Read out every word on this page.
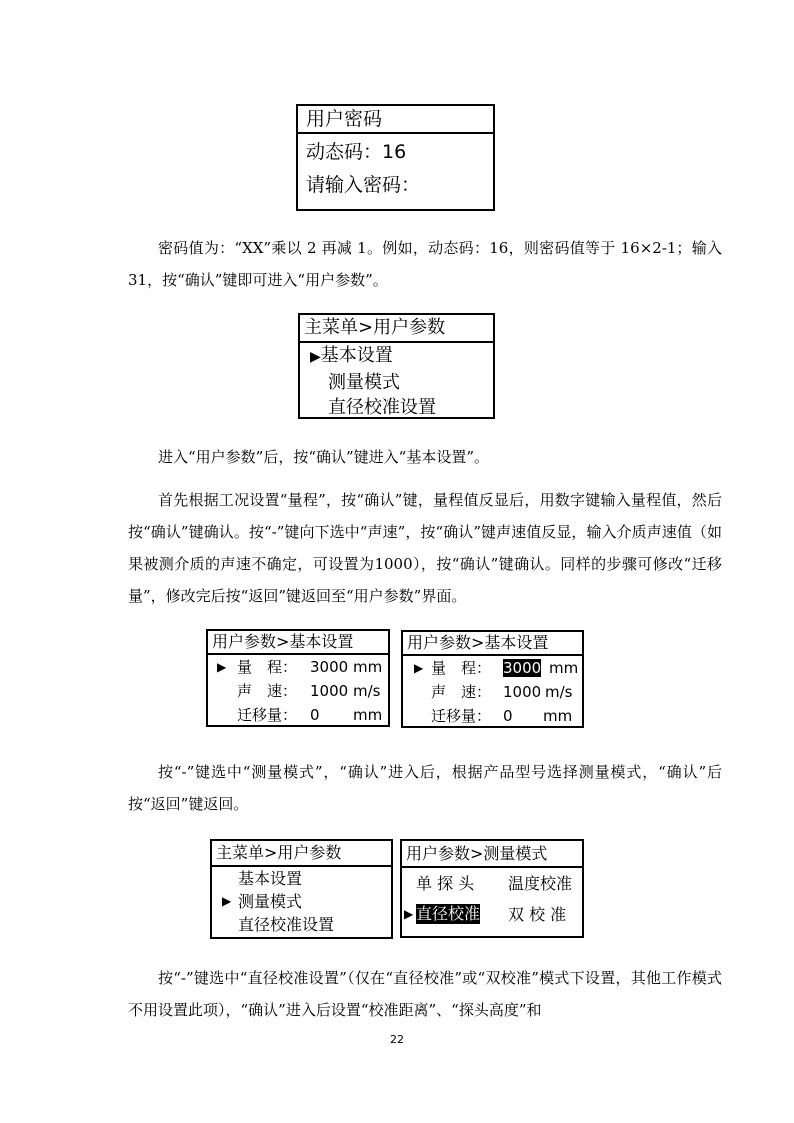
用户密码
动态码：16
请输入密码：
密码值为：“XX”乘以 2 再减 1。例如，动态码：16，则密码值等于 16×2-1；输入 31，按“确认”键即可进入“用户参数”。
主菜单>用户参数
▶基本设置
测量模式
直径校准设置
进入“用户参数”后，按“确认”键进入“基本设置”。
首先根据工况设置“量程”，按“确认”键，量程值反显后，用数字键输入量程值，然后按“确认”键确认。按“-”键向下选中“声速”，按“确认”键声速值反显，输入介质声速值（如果被测介质的声速不确定，可设置为1000），按“确认”键确认。同样的步骤可修改“迁移量”，修改完后按“返回”键返回至“用户参数”界面。
用户参数>基本设置
▶ 量　程： 3000 mm
声　速： 1000 m/s
迁移量： 0 mm
用户参数>基本设置
▶ 量　程： 3000 mm
声　速： 1000 m/s
迁移量： 0 mm
按“-”键选中“测量模式”，“确认”进入后，根据产品型号选择测量模式，“确认”后按“返回”键返回。
主菜单>用户参数
基本设置
▶ 测量模式
直径校准设置
用户参数>测量模式
单 探 头 温度校准
▶ 直径校准 双 校 准
按“-”键选中“直径校准设置”（仅在“直径校准”或“双校准”模式下设置，其他工作模式不用设置此项），“确认”进入后设置“校准距离”、“探头高度”和
22
